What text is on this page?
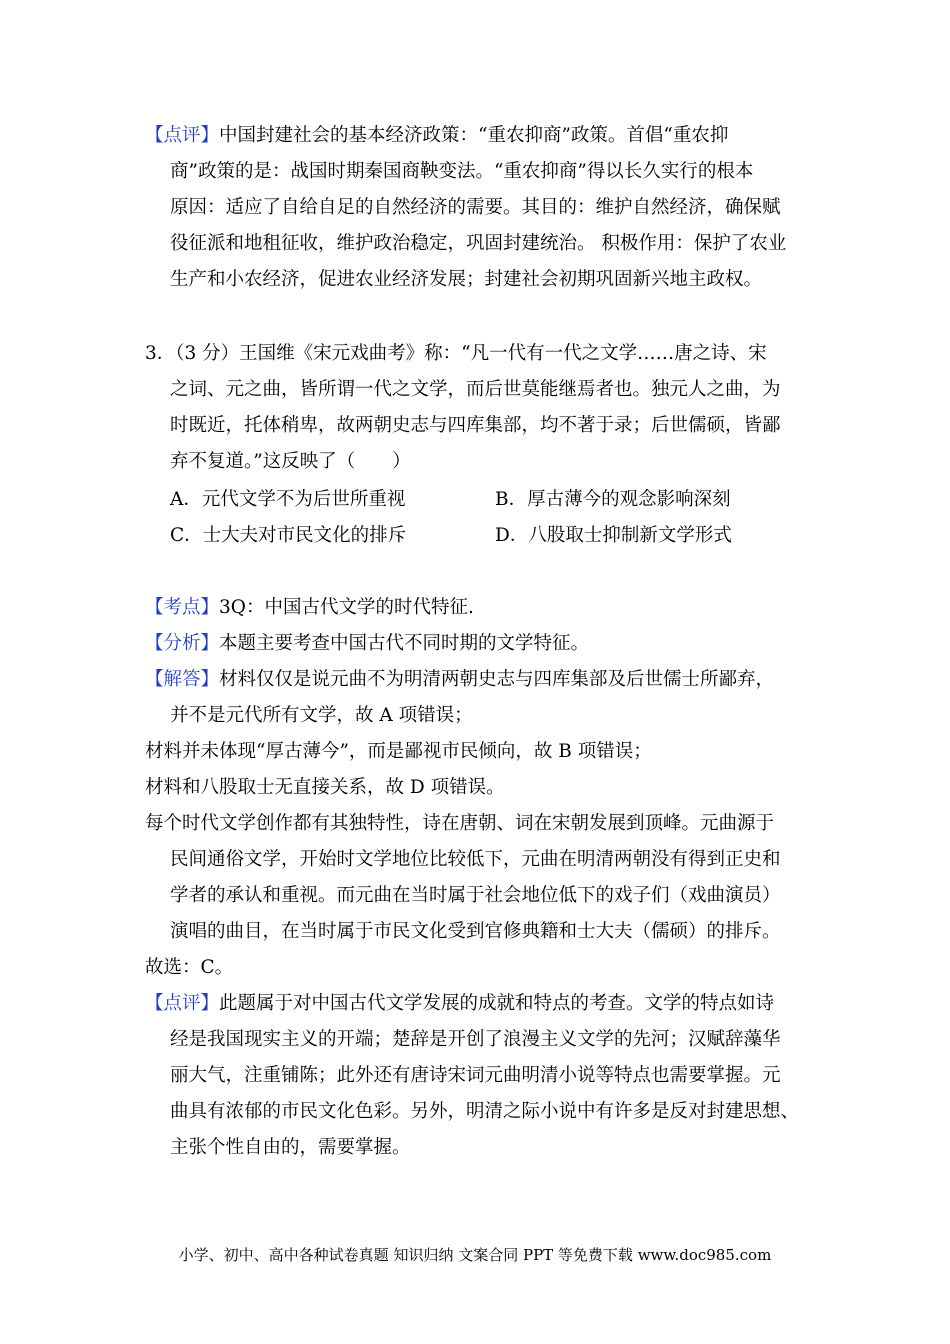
【点评】中国封建社会的基本经济政策：“重农抑商”政策。首倡“重农抑
商”政策的是：战国时期秦国商鞅变法。“重农抑商”得以长久实行的根本
原因：适应了自给自足的自然经济的需要。其目的：维护自然经济，确保赋
役征派和地租征收，维护政治稳定，巩固封建统治。 积极作用：保护了农业
生产和小农经济，促进农业经济发展；封建社会初期巩固新兴地主政权。
3．（3 分）王国维《宋元戏曲考》称：“凡一代有一代之文学……唐之诗、宋
之词、元之曲，皆所谓一代之文学，而后世莫能继焉者也。独元人之曲，为
时既近，托体稍卑，故两朝史志与四库集部，均不著于录；后世儒硕，皆鄙
弃不复道。”这反映了（　　）
A．元代文学不为后世所重视	B．厚古薄今的观念影响深刻
C．士大夫对市民文化的排斥	D．八股取士抑制新文学形式
【考点】3Q：中国古代文学的时代特征.
【分析】本题主要考查中国古代不同时期的文学特征。
【解答】材料仅仅是说元曲不为明清两朝史志与四库集部及后世儒士所鄙弃，
并不是元代所有文学，故 A 项错误；
材料并未体现“厚古薄今”，而是鄙视市民倾向，故 B 项错误；
材料和八股取士无直接关系，故 D 项错误。
每个时代文学创作都有其独特性，诗在唐朝、词在宋朝发展到顶峰。元曲源于
民间通俗文学，开始时文学地位比较低下，元曲在明清两朝没有得到正史和
学者的承认和重视。而元曲在当时属于社会地位低下的戏子们（戏曲演员）
演唱的曲目，在当时属于市民文化受到官修典籍和士大夫（儒硕）的排斥。
故选：C。
【点评】此题属于对中国古代文学发展的成就和特点的考查。文学的特点如诗
经是我国现实主义的开端；楚辞是开创了浪漫主义文学的先河；汉赋辞藻华
丽大气，注重铺陈；此外还有唐诗宋词元曲明清小说等特点也需要掌握。元
曲具有浓郁的市民文化色彩。另外，明清之际小说中有许多是反对封建思想、
主张个性自由的，需要掌握。
小学、初中、高中各种试卷真题 知识归纳 文案合同 PPT 等免费下载 www.doc985.com
